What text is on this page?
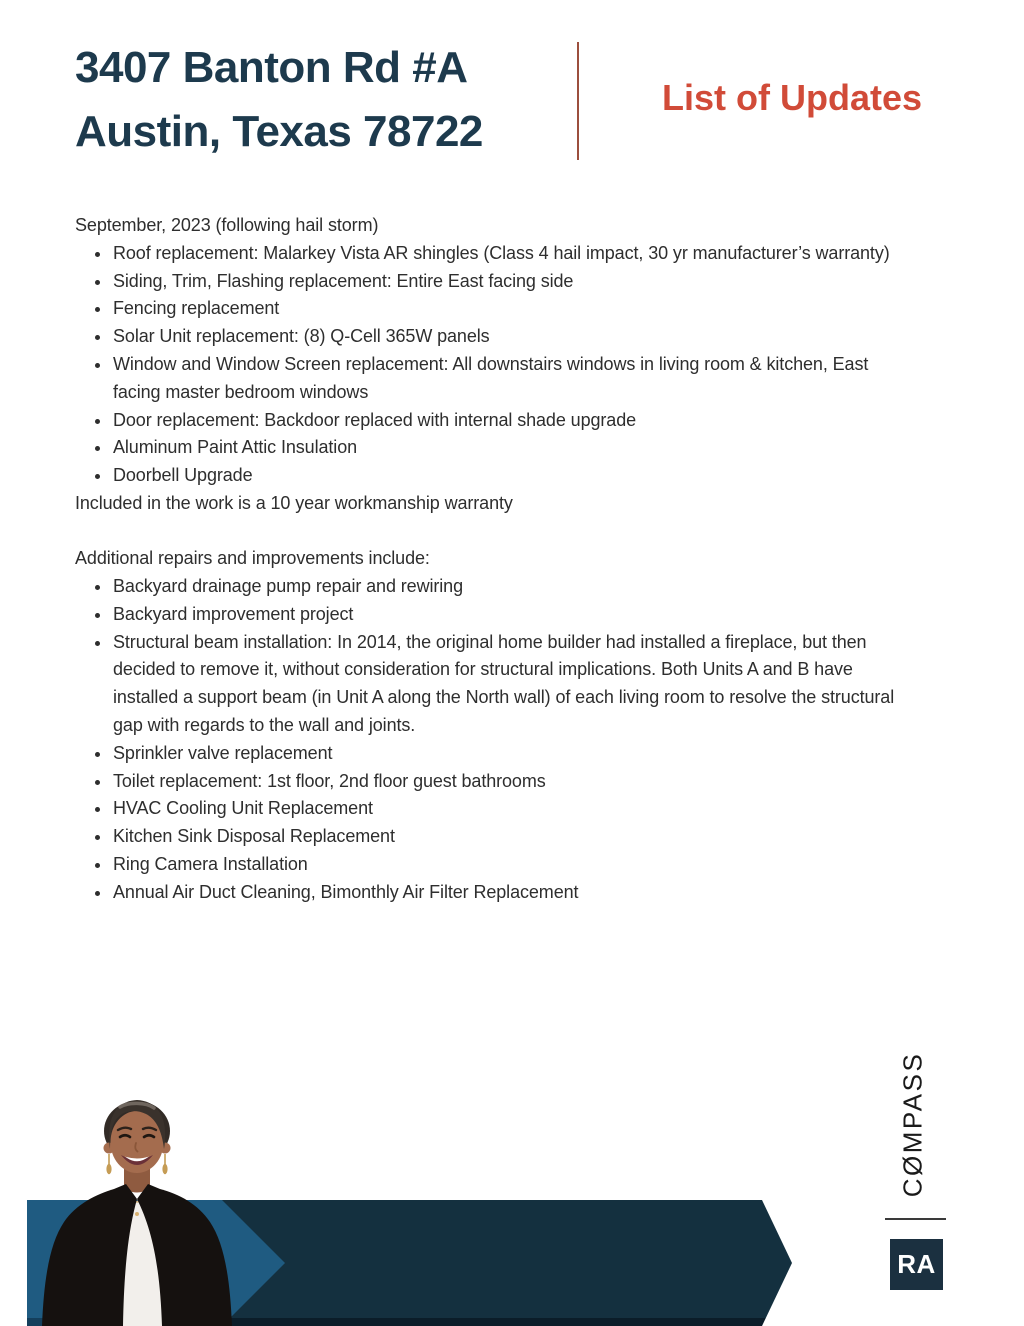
3407 Banton Rd #A
Austin, Texas 78722
List of Updates

September, 2023 (following hail storm)

• Roof replacement: Malarkey Vista AR shingles (Class 4 hail impact, 30 yr manufacturer’s warranty)
• Siding, Trim, Flashing replacement: Entire East facing side
• Fencing replacement
• Solar Unit replacement: (8) Q-Cell 365W panels
• Window and Window Screen replacement: All downstairs windows in living room & kitchen, East facing master bedroom windows
• Door replacement: Backdoor replaced with internal shade upgrade
• Aluminum Paint Attic Insulation
• Doorbell Upgrade

Included in the work is a 10 year workmanship warranty

Additional repairs and improvements include:

• Backyard drainage pump repair and rewiring
• Backyard improvement project
• Structural beam installation: In 2014, the original home builder had installed a fireplace, but then decided to remove it, without consideration for structural implications. Both Units A and B have installed a support beam (in Unit A along the North wall) of each living room to resolve the structural gap with regards to the wall and joints.
• Sprinkler valve replacement
• Toilet replacement: 1st floor, 2nd floor guest bathrooms
• HVAC Cooling Unit Replacement
• Kitchen Sink Disposal Replacement
• Ring Camera Installation
• Annual Air Duct Cleaning, Bimonthly Air Filter Replacement
CØMPASS
RA
